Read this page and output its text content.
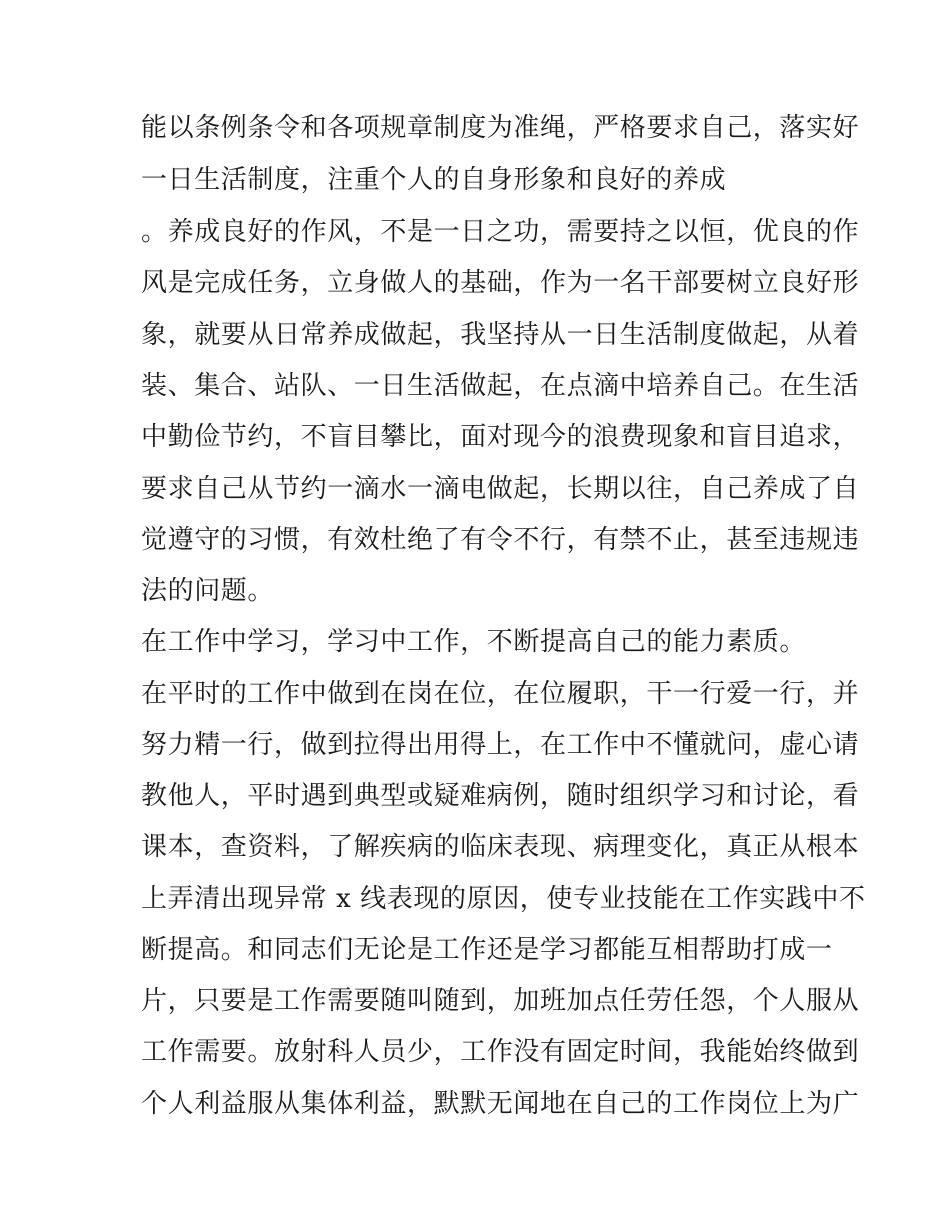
能以条例条令和各项规章制度为准绳，严格要求自己，落实好
一日生活制度，注重个人的自身形象和良好的养成
。养成良好的作风，不是一日之功，需要持之以恒，优良的作
风是完成任务，立身做人的基础，作为一名干部要树立良好形
象，就要从日常养成做起，我坚持从一日生活制度做起，从着
装、集合、站队、一日生活做起，在点滴中培养自己。在生活
中勤俭节约，不盲目攀比，面对现今的浪费现象和盲目追求，
要求自己从节约一滴水一滴电做起，长期以往，自己养成了自
觉遵守的习惯，有效杜绝了有令不行，有禁不止，甚至违规违
法的问题。
在工作中学习，学习中工作，不断提高自己的能力素质。
在平时的工作中做到在岗在位，在位履职，干一行爱一行，并
努力精一行，做到拉得出用得上，在工作中不懂就问，虚心请
教他人，平时遇到典型或疑难病例，随时组织学习和讨论，看
课本，查资料，了解疾病的临床表现、病理变化，真正从根本
上弄清出现异常 x 线表现的原因，使专业技能在工作实践中不
断提高。和同志们无论是工作还是学习都能互相帮助打成一
片，只要是工作需要随叫随到，加班加点任劳任怨，个人服从
工作需要。放射科人员少，工作没有固定时间，我能始终做到
个人利益服从集体利益，默默无闻地在自己的工作岗位上为广
